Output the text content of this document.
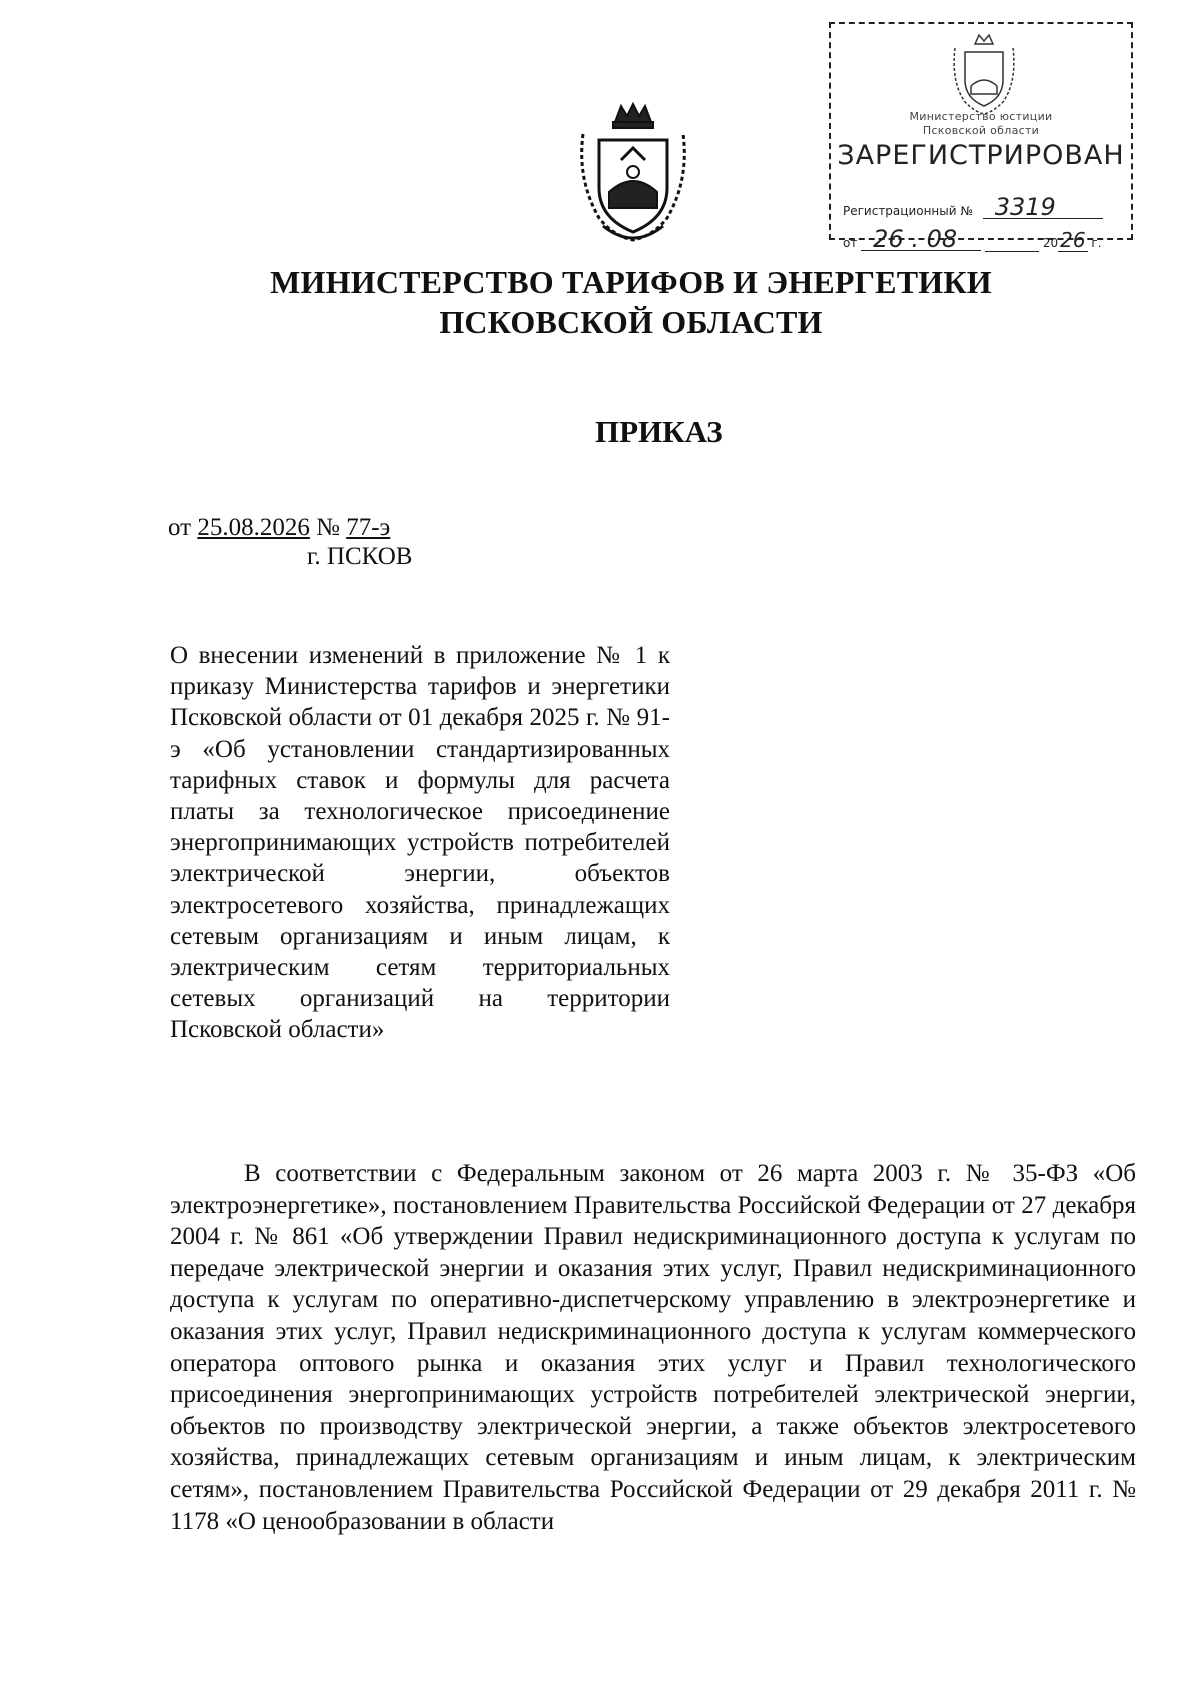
Министерство юстиции
Псковской области
ЗАРЕГИСТРИРОВАН
Регистрационный № 3319
от 26 . 08	20 26 г.
МИНИСТЕРСТВО ТАРИФОВ И ЭНЕРГЕТИКИ
ПСКОВСКОЙ ОБЛАСТИ
ПРИКАЗ
от 25.08.2026 № 77-э
г. ПСКОВ
О внесении изменений в приложение № 1 к приказу Министерства тарифов и энергетики Псковской области от 01 декабря 2025 г. № 91-э «Об установлении стандартизированных тарифных ставок и формулы для расчета платы за технологическое присоединение энергопринимающих устройств потребителей электрической энергии, объектов электросетевого хозяйства, принадлежащих сетевым организациям и иным лицам, к электрическим сетям территориальных сетевых организаций на территории Псковской области»
В соответствии с Федеральным законом от 26 марта 2003 г. № 35-ФЗ «Об электроэнергетике», постановлением Правительства Российской Федерации от 27 декабря 2004 г. № 861 «Об утверждении Правил недискриминационного доступа к услугам по передаче электрической энергии и оказания этих услуг, Правил недискриминационного доступа к услугам по оперативно-диспетчерскому управлению в электроэнергетике и оказания этих услуг, Правил недискриминационного доступа к услугам коммерческого оператора оптового рынка и оказания этих услуг и Правил технологического присоединения энергопринимающих устройств потребителей электрической энергии, объектов по производству электрической энергии, а также объектов электросетевого хозяйства, принадлежащих сетевым организациям и иным лицам, к электрическим сетям», постановлением Правительства Российской Федерации от 29 декабря 2011 г. № 1178 «О ценообразовании в области
